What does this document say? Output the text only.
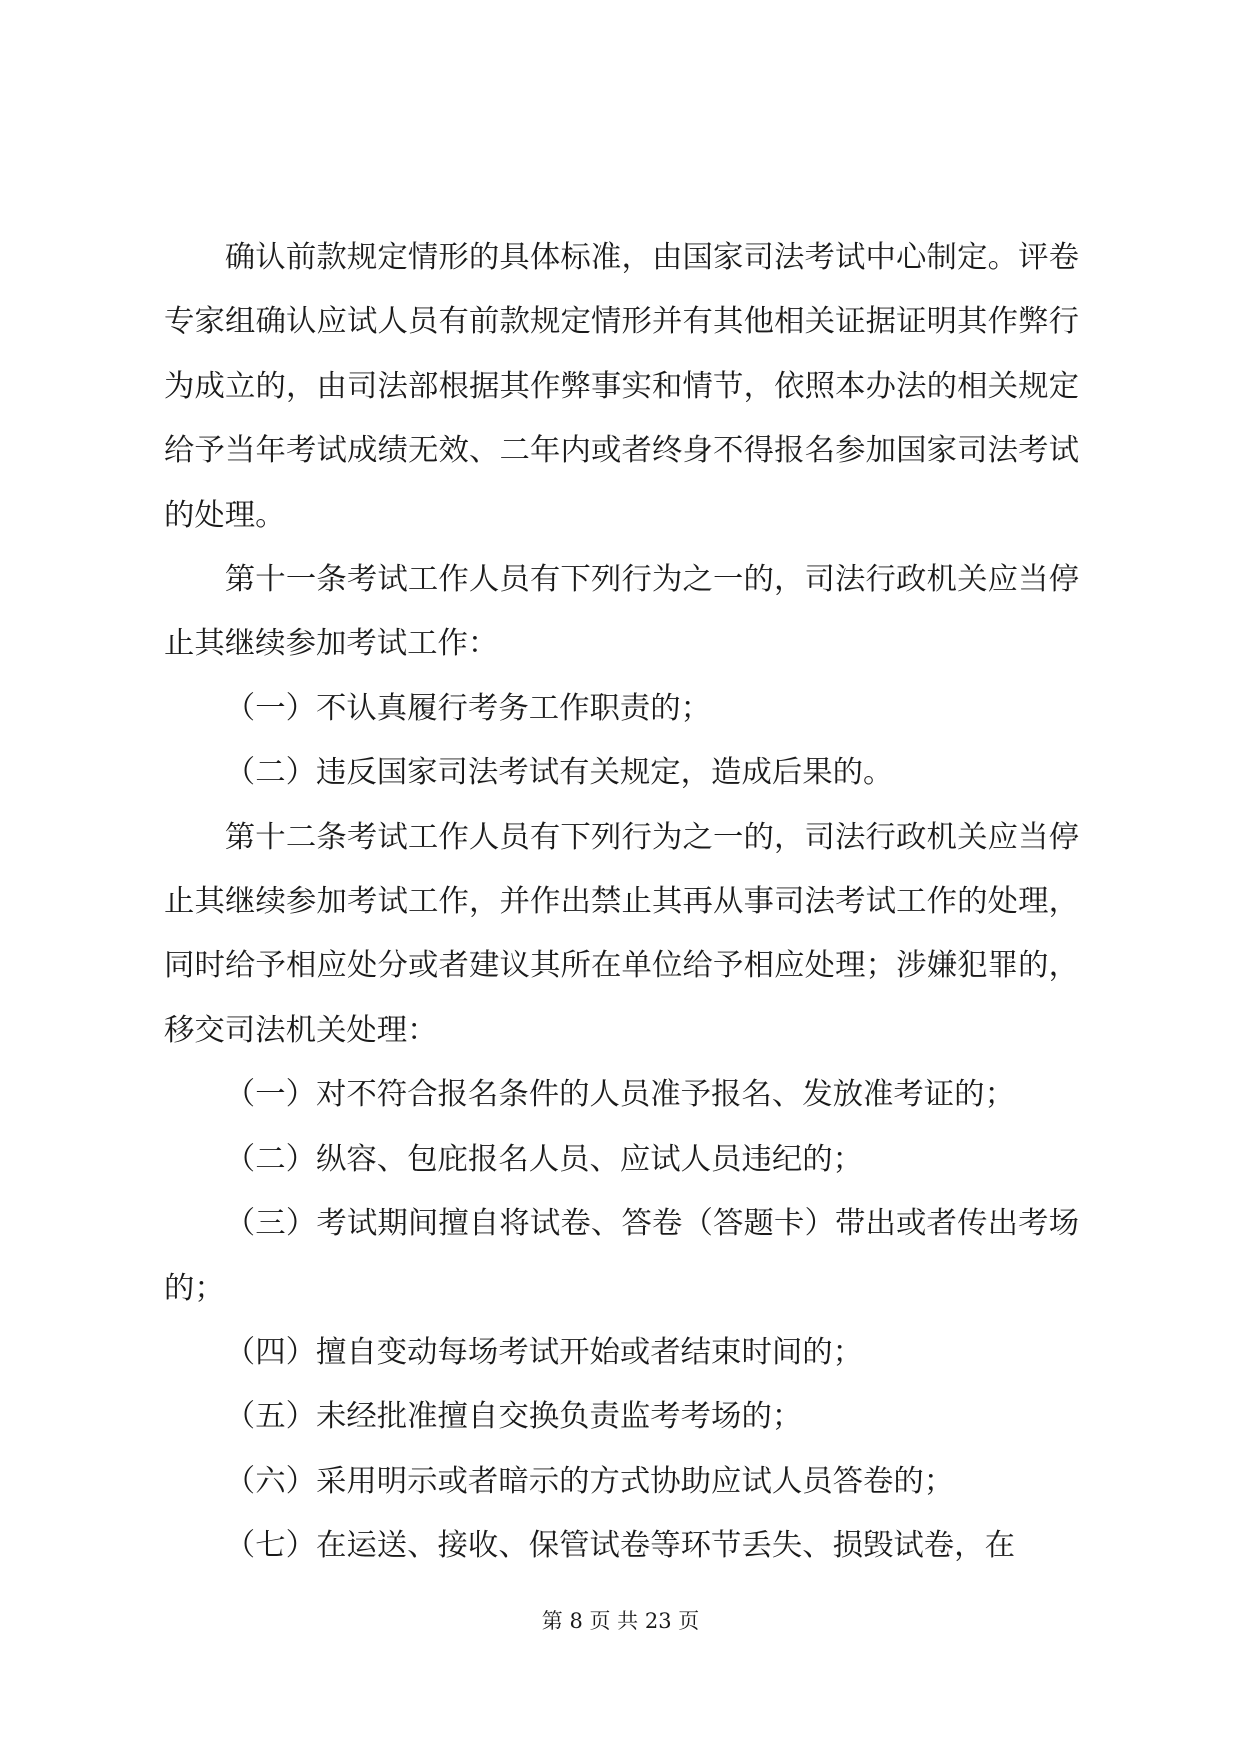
确认前款规定情形的具体标准，由国家司法考试中心制定。评卷专家组确认应试人员有前款规定情形并有其他相关证据证明其作弊行为成立的，由司法部根据其作弊事实和情节，依照本办法的相关规定给予当年考试成绩无效、二年内或者终身不得报名参加国家司法考试的处理。

第十一条考试工作人员有下列行为之一的，司法行政机关应当停止其继续参加考试工作：

（一）不认真履行考务工作职责的；

（二）违反国家司法考试有关规定，造成后果的。

第十二条考试工作人员有下列行为之一的，司法行政机关应当停止其继续参加考试工作，并作出禁止其再从事司法考试工作的处理，同时给予相应处分或者建议其所在单位给予相应处理；涉嫌犯罪的，移交司法机关处理：

（一）对不符合报名条件的人员准予报名、发放准考证的；

（二）纵容、包庇报名人员、应试人员违纪的；

（三）考试期间擅自将试卷、答卷（答题卡）带出或者传出考场的；

（四）擅自变动每场考试开始或者结束时间的；

（五）未经批准擅自交换负责监考考场的；

（六）采用明示或者暗示的方式协助应试人员答卷的；

（七）在运送、接收、保管试卷等环节丢失、损毁试卷，在

第 8 页 共 23 页
